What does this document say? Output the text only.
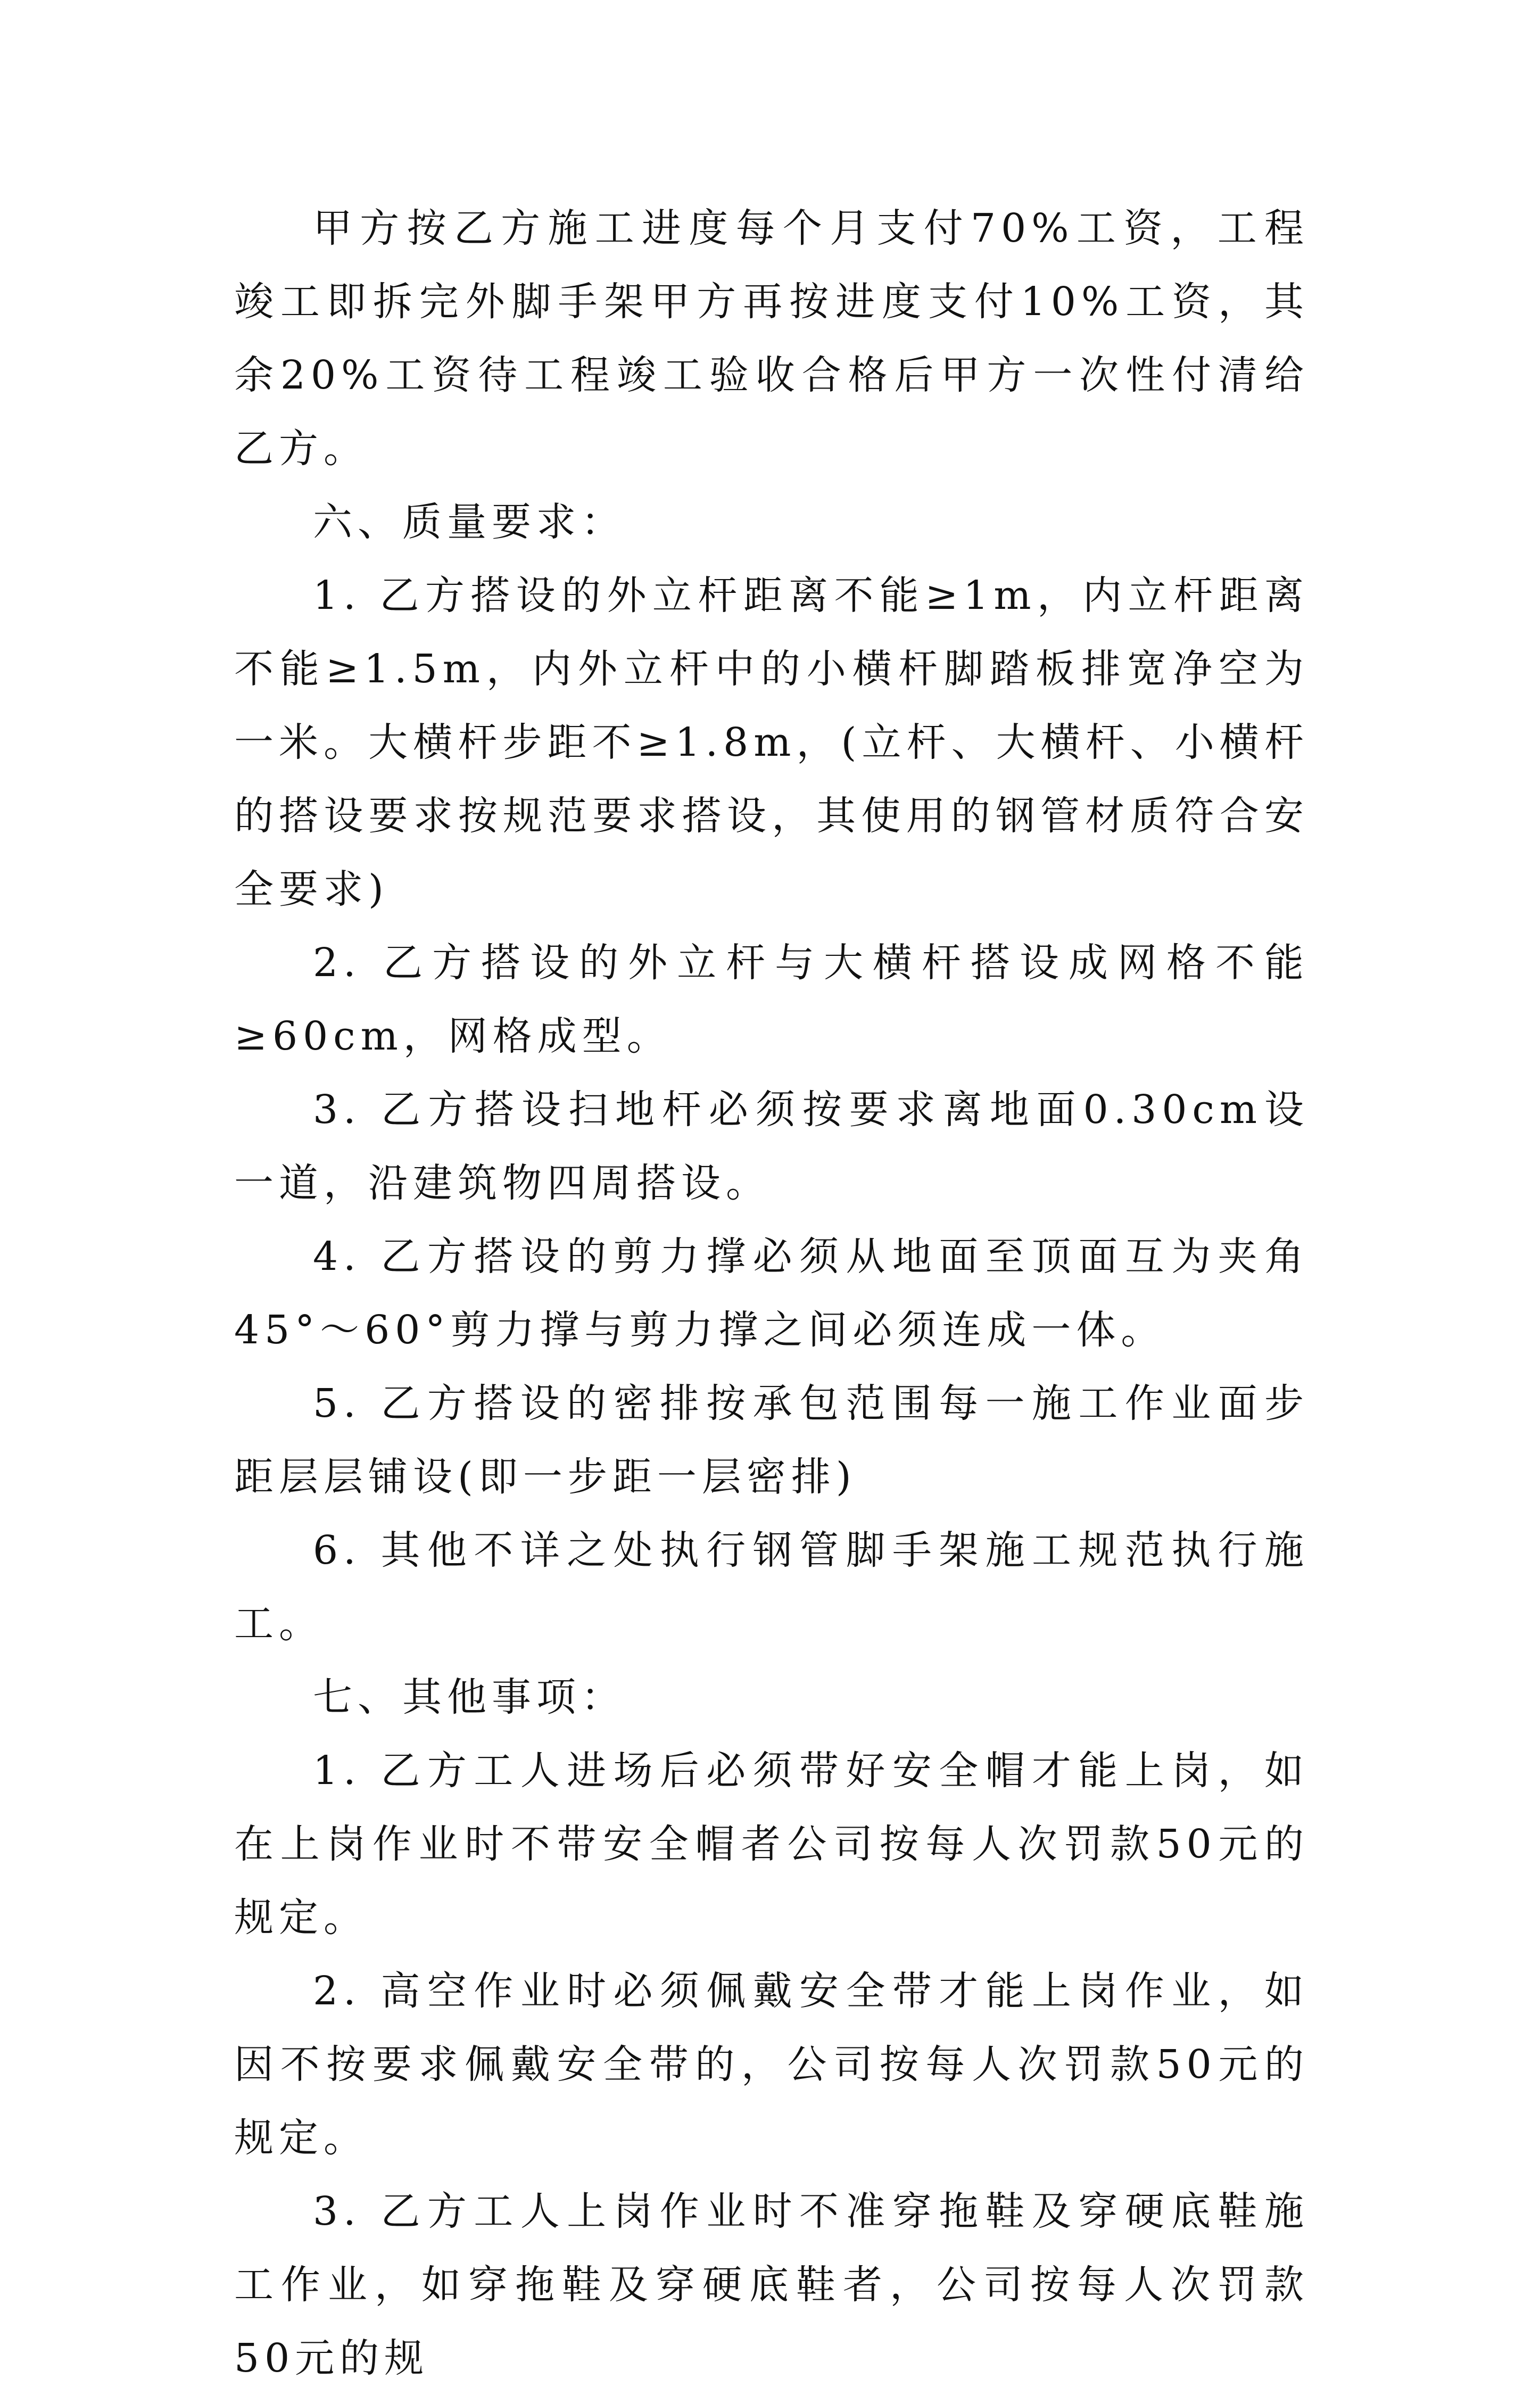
甲方按乙方施工进度每个月支付70%工资，工程竣工即拆完外脚手架甲方再按进度支付10%工资，其余20%工资待工程竣工验收合格后甲方一次性付清给乙方。

六、质量要求：

1. 乙方搭设的外立杆距离不能≥1m，内立杆距离不能≥1.5m，内外立杆中的小横杆脚踏板排宽净空为一米。大横杆步距不≥1.8m，(立杆、大横杆、小横杆的搭设要求按规范要求搭设，其使用的钢管材质符合安全要求)

2. 乙方搭设的外立杆与大横杆搭设成网格不能≥60cm，网格成型。

3. 乙方搭设扫地杆必须按要求离地面0.30cm设一道，沿建筑物四周搭设。

4. 乙方搭设的剪力撑必须从地面至顶面互为夹角45°～60°剪力撑与剪力撑之间必须连成一体。

5. 乙方搭设的密排按承包范围每一施工作业面步距层层铺设(即一步距一层密排)

6. 其他不详之处执行钢管脚手架施工规范执行施工。

七、其他事项：

1. 乙方工人进场后必须带好安全帽才能上岗，如在上岗作业时不带安全帽者公司按每人次罚款50元的规定。

2. 高空作业时必须佩戴安全带才能上岗作业，如因不按要求佩戴安全带的，公司按每人次罚款50元的规定。

3. 乙方工人上岗作业时不准穿拖鞋及穿硬底鞋施工作业，如穿拖鞋及穿硬底鞋者，公司按每人次罚款50元的规
